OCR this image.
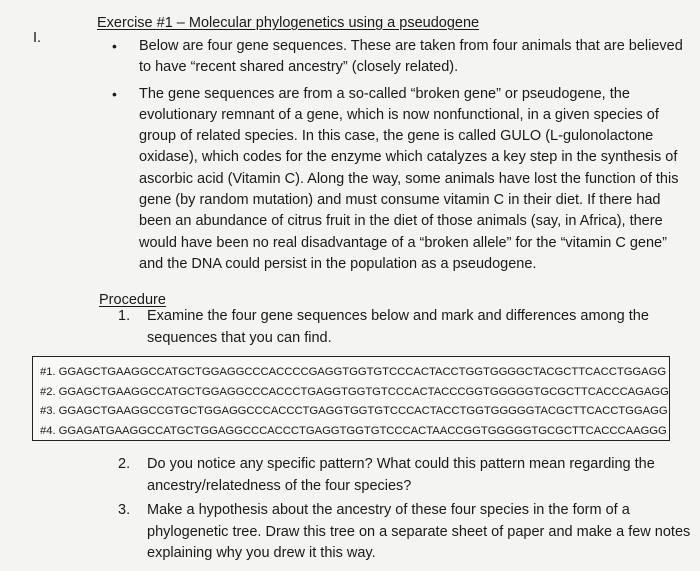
I.
Exercise #1 – Molecular phylogenetics using a pseudogene
• Below are four gene sequences. These are taken from four animals that are believed to have “recent shared ancestry” (closely related).
• The gene sequences are from a so-called “broken gene” or pseudogene, the evolutionary remnant of a gene, which is now nonfunctional, in a given species of group of related species. In this case, the gene is called GULO (L-gulonolactone oxidase), which codes for the enzyme which catalyzes a key step in the synthesis of ascorbic acid (Vitamin C). Along the way, some animals have lost the function of this gene (by random mutation) and must consume vitamin C in their diet. If there had been an abundance of citrus fruit in the diet of those animals (say, in Africa), there would have been no real disadvantage of a “broken allele” for the “vitamin C gene” and the DNA could persist in the population as a pseudogene.
Procedure
1. Examine the four gene sequences below and mark and differences among the sequences that you can find.
#1. GGAGCTGAAGGCCATGCTGGAGGCCCACCCCGAGGTGGTGTCCCACTACCTGGTGGGGCTACGCTTCACCTGGAGG
#2. GGAGCTGAAGGCCATGCTGGAGGCCCACCCTGAGGTGGTGTCCCACTACCCGGTGGGGGTGCGCTTCACCCAGAGG
#3. GGAGCTGAAGGCCGTGCTGGAGGCCCACCCTGAGGTGGTGTCCCACTACCTGGTGGGGGTACGCTTCACCTGGAGG
#4. GGAGATGAAGGCCATGCTGGAGGCCCACCCTGAGGTGGTGTCCCACTAACCGGTGGGGGTGCGCTTCACCCAAGGG
2. Do you notice any specific pattern? What could this pattern mean regarding the ancestry/relatedness of the four species?
3. Make a hypothesis about the ancestry of these four species in the form of a phylogenetic tree. Draw this tree on a separate sheet of paper and make a few notes explaining why you drew it this way.
